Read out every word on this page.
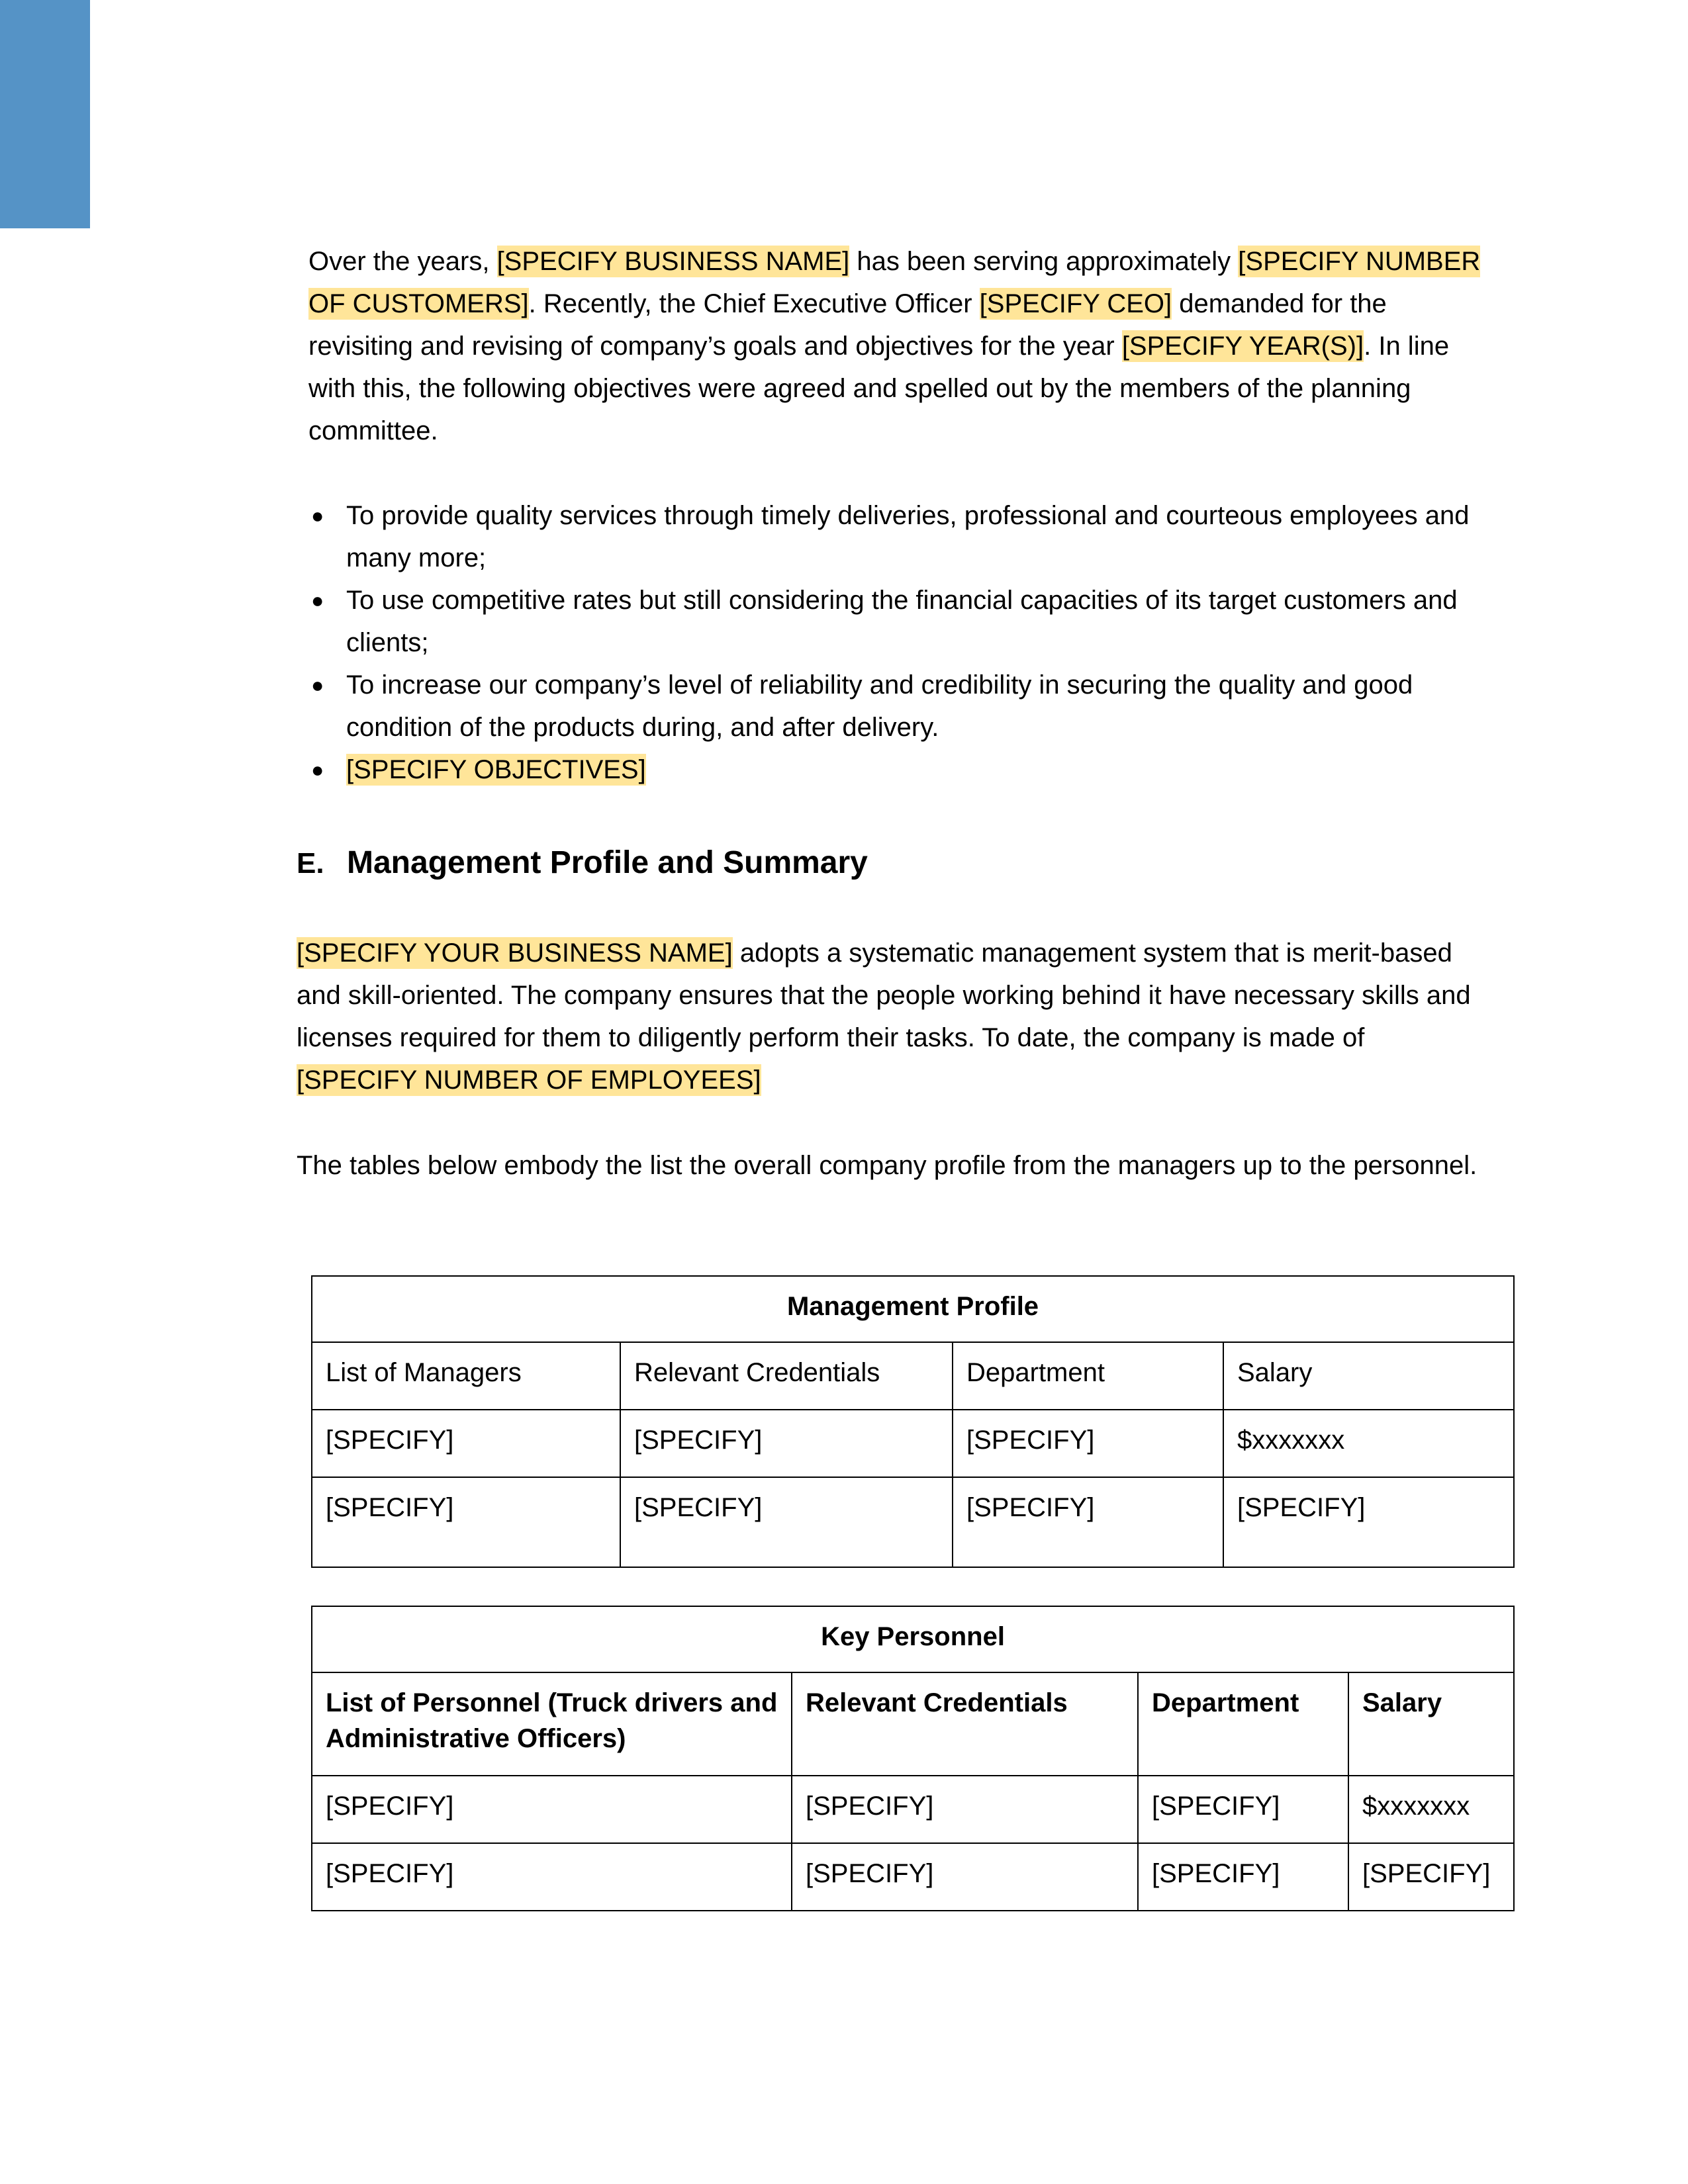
Over the years, [SPECIFY BUSINESS NAME] has been serving approximately [SPECIFY NUMBER OF CUSTOMERS]. Recently, the Chief Executive Officer [SPECIFY CEO] demanded for the revisiting and revising of company’s goals and objectives for the year [SPECIFY YEAR(S)]. In line with this, the following objectives were agreed and spelled out by the members of the planning committee.

● To provide quality services through timely deliveries, professional and courteous employees and many more;
● To use competitive rates but still considering the financial capacities of its target customers and clients;
● To increase our company’s level of reliability and credibility in securing the quality and good condition of the products during, and after delivery.
● [SPECIFY OBJECTIVES]
E. Management Profile and Summary

[SPECIFY YOUR BUSINESS NAME] adopts a systematic management system that is merit-based and skill-oriented. The company ensures that the people working behind it have necessary skills and licenses required for them to diligently perform their tasks. To date, the company is made of [SPECIFY NUMBER OF EMPLOYEES]

The tables below embody the list the overall company profile from the managers up to the personnel.

Management Profile			
List of Managers	Relevant Credentials	Department	Salary
[SPECIFY]	[SPECIFY]	[SPECIFY]	$xxxxxxx
[SPECIFY]	[SPECIFY]	[SPECIFY]	[SPECIFY]
Key Personnel			
List of Personnel (Truck drivers and Administrative Officers)	Relevant Credentials	Department	Salary
[SPECIFY]	[SPECIFY]	[SPECIFY]	$xxxxxxx
[SPECIFY]	[SPECIFY]	[SPECIFY]	[SPECIFY]
